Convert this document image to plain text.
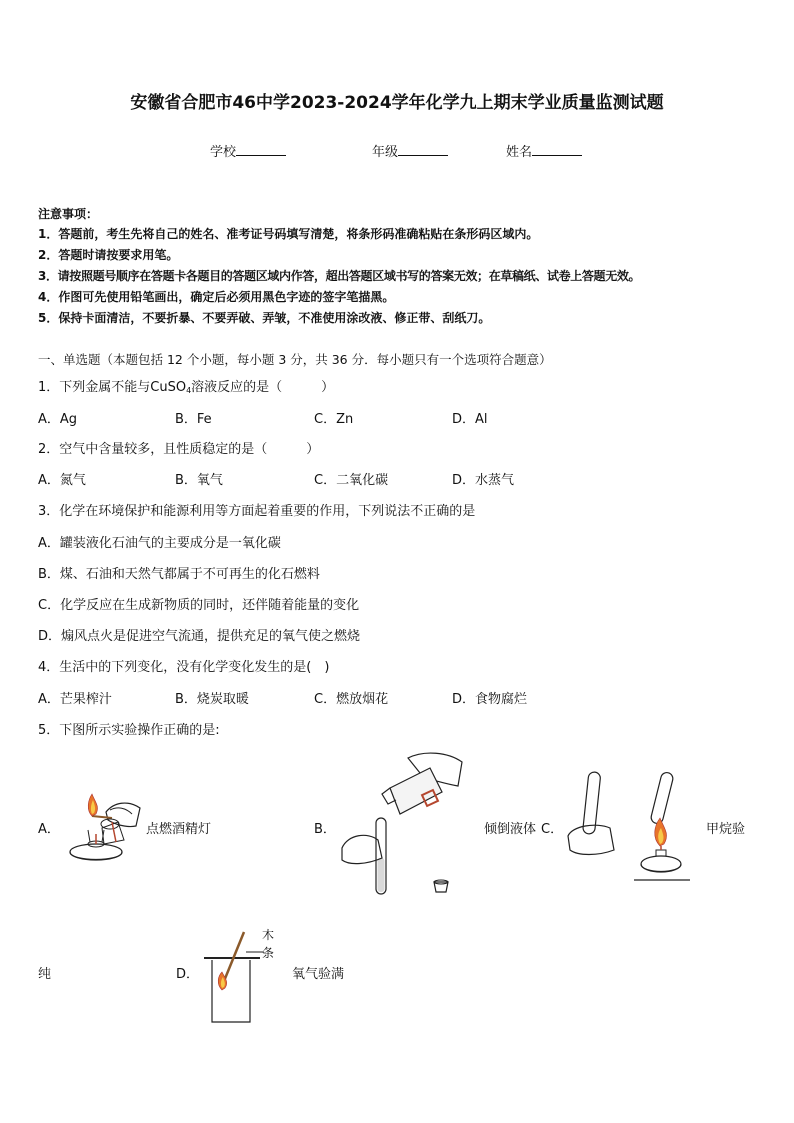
安徽省合肥市46中学2023-2024学年化学九上期末学业质量监测试题
学校	年级	姓名
注意事项：
1．答题前，考生先将自己的姓名、准考证号码填写清楚，将条形码准确粘贴在条形码区域内。
2．答题时请按要求用笔。
3．请按照题号顺序在答题卡各题目的答题区域内作答，超出答题区域书写的答案无效；在草稿纸、试卷上答题无效。
4．作图可先使用铅笔画出，确定后必须用黑色字迹的签字笔描黑。
5．保持卡面清洁，不要折暴、不要弄破、弄皱，不准使用涂改液、修正带、刮纸刀。
一、单选题（本题包括 12 个小题，每小题 3 分，共 36 分．每小题只有一个选项符合题意）
1．下列金属不能与CuSO$_4$溶液反应的是（　　　）
A．Ag	B．Fe	C．Zn	D．Al
2．空气中含量较多，且性质稳定的是（　　　）
A．氮气	B．氧气	C．二氧化碳	D．水蒸气
3．化学在环境保护和能源利用等方面起着重要的作用，下列说法不正确的是
A．罐装液化石油气的主要成分是一氧化碳
B．煤、石油和天然气都属于不可再生的化石燃料
C．化学反应在生成新物质的同时，还伴随着能量的变化
D．煽风点火是促进空气流通，提供充足的氧气使之燃烧
4．生活中的下列变化，没有化学变化发生的是(　)
A．芒果榨汁	B．烧炭取暖	C．燃放烟花	D．食物腐烂
5．下图所示实验操作正确的是:
A．	点燃酒精灯	B．	倾倒液体 C．	甲烷验
纯	D．
木
条
氧气验满
